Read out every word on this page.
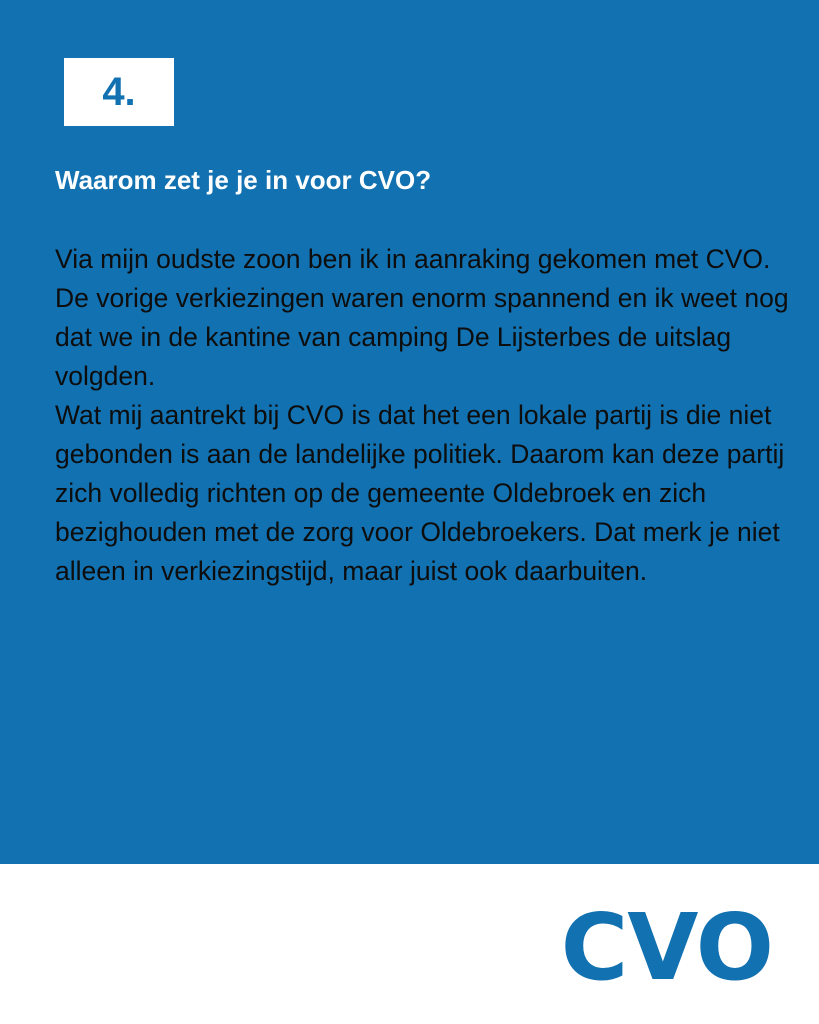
4.
Waarom zet je je in voor CVO?

Via mijn oudste zoon ben ik in aanraking gekomen met CVO. De vorige verkiezingen waren enorm spannend en ik weet nog dat we in de kantine van camping De Lijsterbes de uitslag volgden.

Wat mij aantrekt bij CVO is dat het een lokale partij is die niet gebonden is aan de landelijke politiek. Daarom kan deze partij zich volledig richten op de gemeente Oldebroek en zich bezighouden met de zorg voor Oldebroekers. Dat merk je niet alleen in verkiezingstijd, maar juist ook daarbuiten.

CVO
